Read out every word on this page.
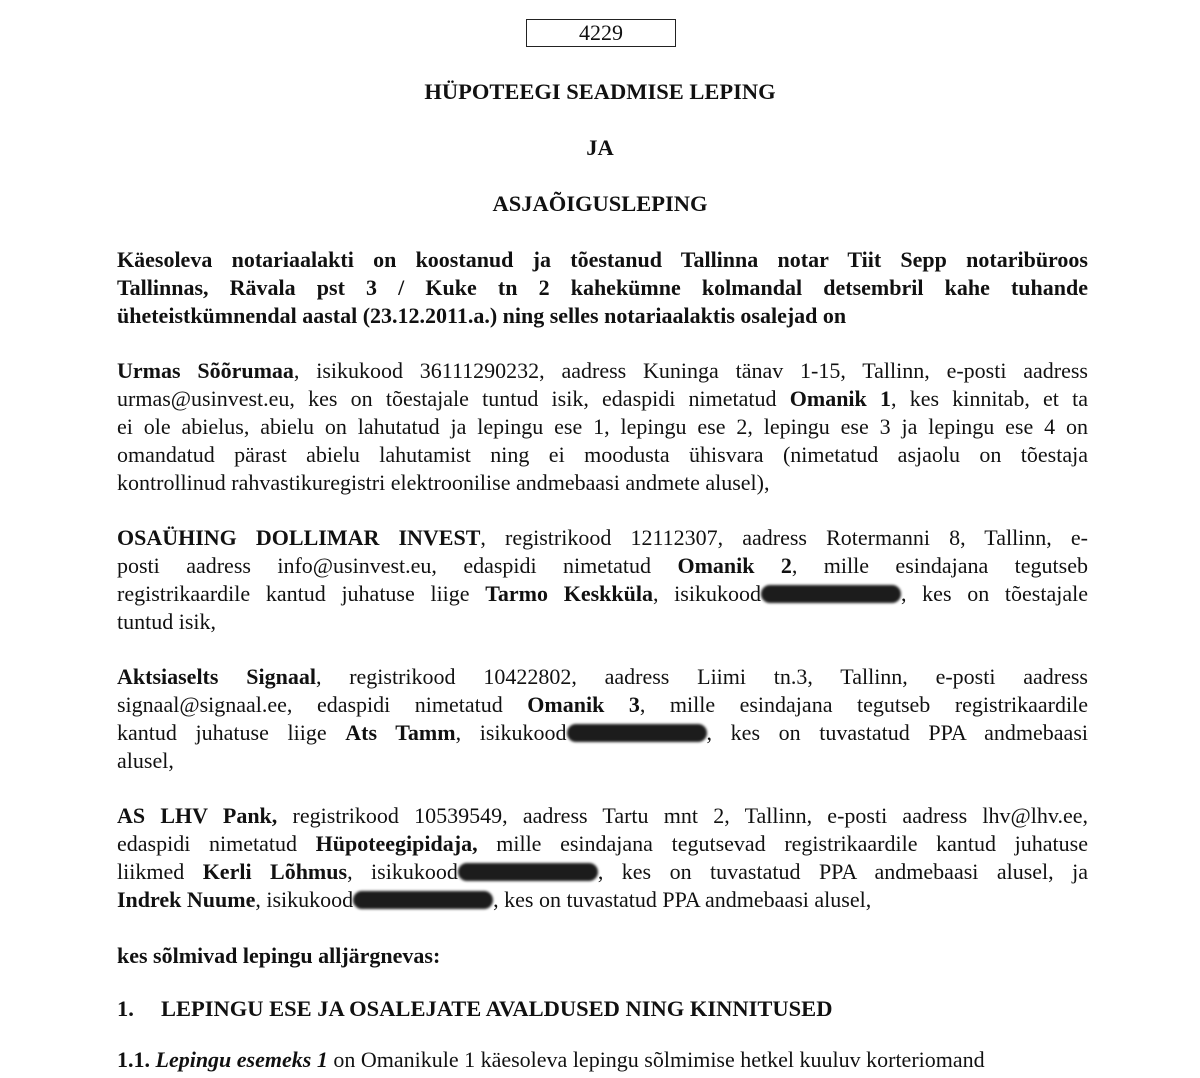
4229
HÜPOTEEGI SEADMISE LEPING
JA
ASJAÕIGUSLEPING

Käesoleva notariaalakti on koostanud ja tõestanud Tallinna notar Tiit Sepp notaribüroos
Tallinnas, Rävala pst 3 / Kuke tn 2 kahekümne kolmandal detsembril kahe tuhande
üheteistkümnendal aastal (23.12.2011.a.) ning selles notariaalaktis osalejad on

Urmas Sõõrumaa, isikukood 36111290232, aadress Kuninga tänav 1-15, Tallinn, e-posti aadress
urmas@usinvest.eu, kes on tõestajale tuntud isik, edaspidi nimetatud Omanik 1, kes kinnitab, et ta
ei ole abielus, abielu on lahutatud ja lepingu ese 1, lepingu ese 2, lepingu ese 3 ja lepingu ese 4 on
omandatud pärast abielu lahutamist ning ei moodusta ühisvara (nimetatud asjaolu on tõestaja
kontrollinud rahvastikuregistri elektroonilise andmebaasi andmete alusel),

OSAÜHING DOLLIMAR INVEST, registrikood 12112307, aadress Rotermanni 8, Tallinn, e-
posti aadress info@usinvest.eu, edaspidi nimetatud Omanik 2, mille esindajana tegutseb
registrikaardile kantud juhatuse liige Tarmo Keskküla, isikukood	, kes on tõestajale
tuntud isik,

Aktsiaselts Signaal, registrikood 10422802, aadress Liimi tn.3, Tallinn, e-posti aadress
signaal@signaal.ee, edaspidi nimetatud Omanik 3, mille esindajana tegutseb registrikaardile
kantud juhatuse liige Ats Tamm, isikukood	, kes on tuvastatud PPA andmebaasi
alusel,

AS LHV Pank, registrikood 10539549, aadress Tartu mnt 2, Tallinn, e-posti aadress lhv@lhv.ee,
edaspidi nimetatud Hüpoteegipidaja, mille esindajana tegutsevad registrikaardile kantud juhatuse
liikmed Kerli Lõhmus, isikukood	, kes on tuvastatud PPA andmebaasi alusel, ja
Indrek Nuume, isikukood	, kes on tuvastatud PPA andmebaasi alusel,

kes sõlmivad lepingu alljärgnevas:

1. LEPINGU ESE JA OSALEJATE AVALDUSED NING KINNITUSED

1.1. Lepingu esemeks 1 on Omanikule 1 käesoleva lepingu sõlmimise hetkel kuuluv korteriomand
